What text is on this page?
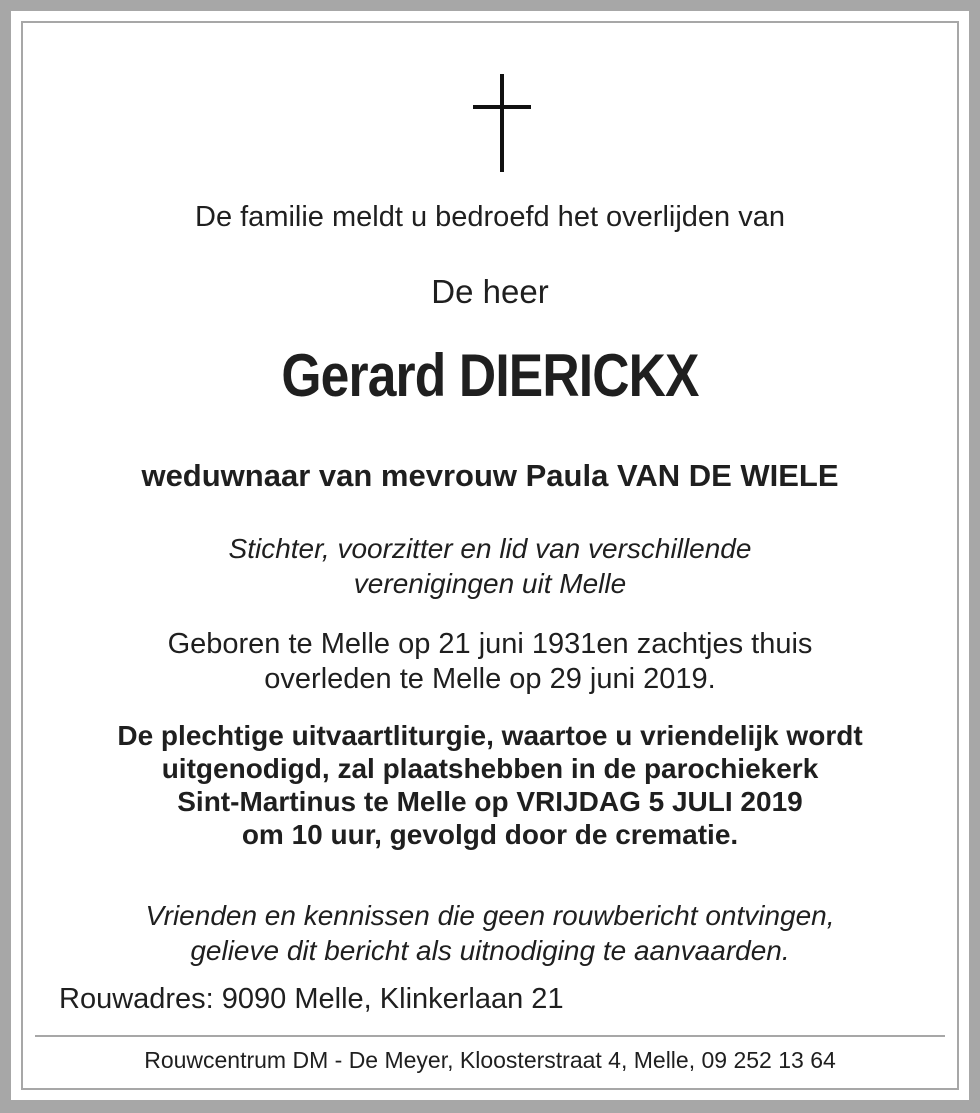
De familie meldt u bedroefd het overlijden van
De heer
Gerard DIERICKX
weduwnaar van mevrouw Paula VAN DE WIELE
Stichter, voorzitter en lid van verschillende
verenigingen uit Melle
Geboren te Melle op 21 juni 1931en zachtjes thuis
overleden te Melle op 29 juni 2019.
De plechtige uitvaartliturgie, waartoe u vriendelijk wordt
uitgenodigd, zal plaatshebben in de parochiekerk
Sint-Martinus te Melle op VRIJDAG 5 JULI 2019
om 10 uur, gevolgd door de crematie.
Vrienden en kennissen die geen rouwbericht ontvingen,
gelieve dit bericht als uitnodiging te aanvaarden.
Rouwadres: 9090 Melle, Klinkerlaan 21
Rouwcentrum DM - De Meyer, Kloosterstraat 4, Melle, 09 252 13 64
